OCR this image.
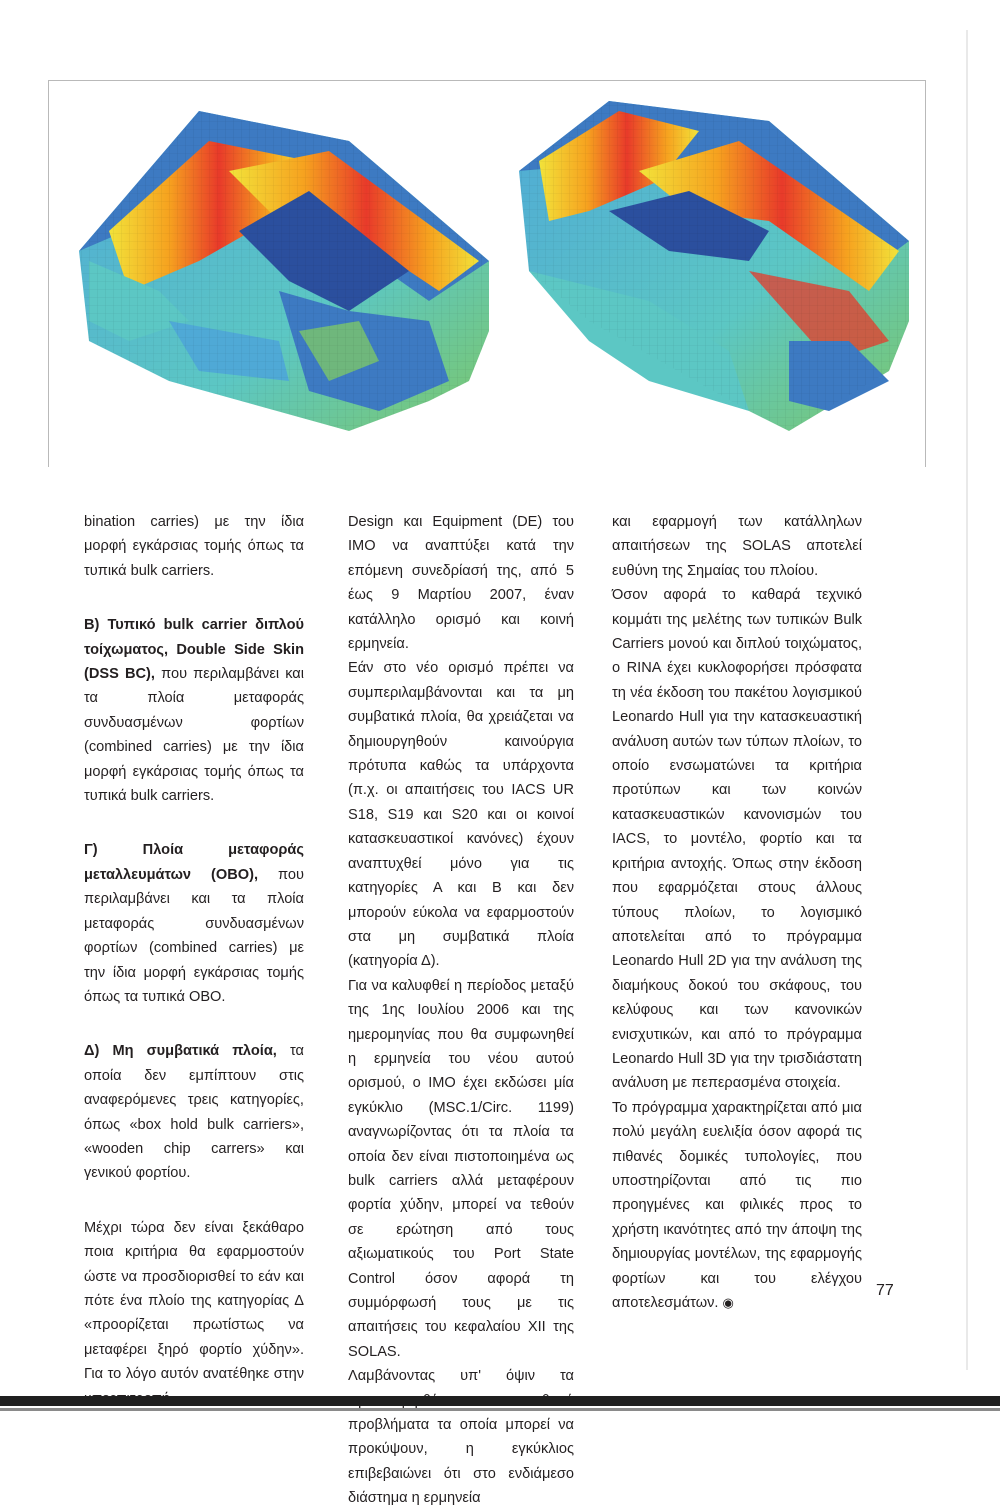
bination carries) με την ίδια μορφή εγκάρσιας τομής όπως τα τυπικά bulk carriers.

Β) Τυπικό bulk carrier διπλού τοίχωματος, Double Side Skin (DSS BC), που περιλαμβάνει και τα πλοία μεταφοράς συνδυασμένων φορτίων (combined carries) με την ίδια μορφή εγκάρσιας τομής όπως τα τυπικά bulk carriers.

Γ)	Πλοία μεταφοράς μεταλλευμάτων (ΟΒΟ), που περιλαμβάνει και τα πλοία μεταφοράς συνδυασμένων φορτίων (combined carries) με την ίδια μορφή εγκάρσιας τομής όπως τα τυπικά ΟΒΟ.

Δ) Μη συμβατικά πλοία, τα οποία δεν εμπίπτουν στις αναφερόμενες τρεις κατηγορίες, όπως «box hold bulk carriers», «wooden chip carrers» και γενικού φορτίου.

Μέχρι τώρα δεν είναι ξεκάθαρο ποια κριτήρια θα εφαρμοστούν ώστε να προσδιορισθεί το εάν και πότε ένα πλοίο της κατηγορίας Δ «προορίζεται πρωτίστως να μεταφέρει ξηρό φορτίο χύδην». Για το λόγο αυτόν ανατέθηκε στην

Design και Equipment (DE) του ΙΜΟ να αναπτύξει κατά την επόμενη συνεδρίασή της, από 5 έως 9 Μαρτίου 2007, έναν κατάλληλο ορισμό και κοινή ερμηνεία.

Εάν στο νέο ορισμό πρέπει να συμπεριλαμβάνονται και τα μη συμβατικά πλοία, θα χρειάζεται να δημιουργηθούν καινούργια πρότυπα καθώς τα υπάρχοντα (π.χ. οι απαιτήσεις του IACS UR S18, S19 και S20 και οι κοινοί κατασκευαστικοί κανόνες) έχουν αναπτυχθεί μόνο για τις κατηγορίες Α και Β και δεν μπορούν εύκολα να εφαρμοστούν στα μη συμβατικά πλοία (κατηγορία Δ).

Για να καλυφθεί η περίοδος μεταξύ της 1ης Ιουλίου 2006 και της ημερομηνίας που θα συμφωνηθεί η ερμηνεία του νέου αυτού ορισμού, ο ΙΜΟ έχει εκδώσει μία εγκύκλιο (MSC.1/Circ. 1199) αναγνωρίζοντας ότι τα πλοία τα οποία δεν είναι πιστοποιημένα ως bulk carriers αλλά μεταφέρουν φορτία χύδην, μπορεί να τεθούν σε ερώτηση από τους αξιωματικούς του Port State Control όσον αφορά τη συμμόρφωσή τους με τις απαιτήσεις του κεφαλαίου XII της SOLAS.

Λαμβάνοντας υπ' όψιν τα προβλήματα τα οποία μπορεί να προκύψουν, η εγκύκλιος επιβεβαιώνει ότι στο ενδιάμεσο διάστημα η ερμηνεία

και εφαρμογή των κατάλληλων απαιτήσεων της SOLAS αποτελεί ευθύνη της Σημαίας του πλοίου.

Όσον αφορά το καθαρά τεχνικό κομμάτι της μελέτης των τυπικών Bulk Carriers μονού και διπλού τοιχώματος, ο RINA έχει κυκλοφορήσει πρόσφατα τη νέα έκδοση του πακέτου λογισμικού Leonardo Hull για την κατασκευαστική ανάλυση αυτών των τύπων πλοίων, το οποίο ενσωματώνει τα κριτήρια προτύπων και των κοινών κατασκευαστικών κανονισμών του IACS, το μοντέλο, φορτίο και τα κριτήρια αντοχής. Όπως στην έκδοση που εφαρμόζεται στους άλλους τύπους πλοίων, το λογισμικό αποτελείται από το πρόγραμμα Leonardo Hull 2D για την ανάλυση της διαμήκους δοκού του σκάφους, του κελύφους και των κανονικών ενισχυτικών, και από το πρόγραμμα Leonardo Hull 3D για την τρισδιάστατη ανάλυση με πεπερασμένα στοιχεία.

Το πρόγραμμα χαρακτηρίζεται από μια πολύ μεγάλη ευελιξία όσον αφορά τις πιθανές δομικές τυπολογίες, που υποστηρίζονται από τις πιο προηγμένες και φιλικές προς το χρήστη ικανότητες από την άποψη της δημιουργίας μοντέλων, της εφαρμογής φορτίων και του ελέγχου αποτελεσμάτων. ◉

77
